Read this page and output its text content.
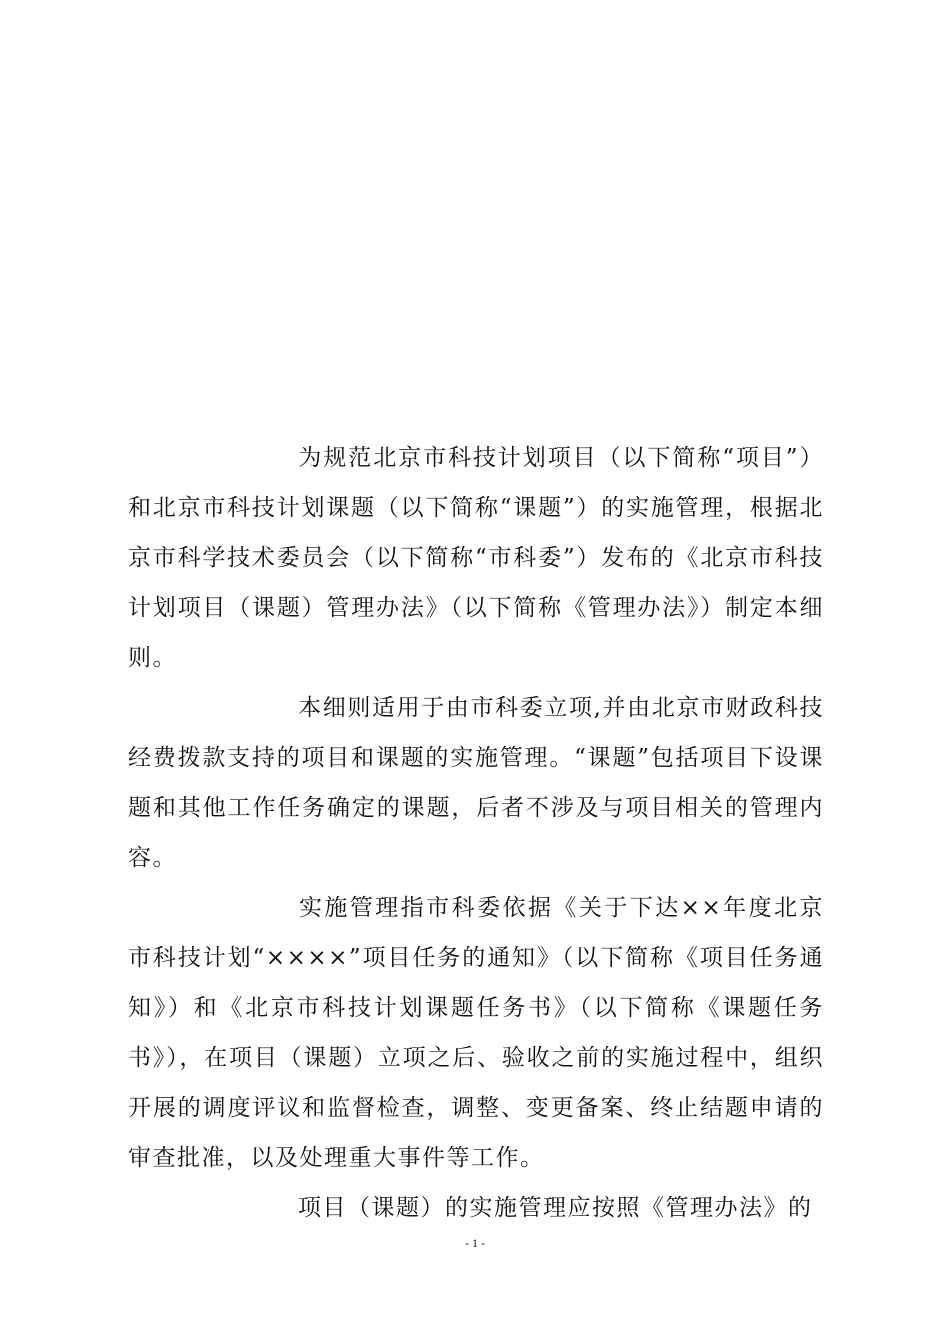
为规范北京市科技计划项目（以下简称“项目”）和北京市科技计划课题（以下简称“课题”）的实施管理，根据北京市科学技术委员会（以下简称“市科委”）发布的《北京市科技计划项目（课题）管理办法》（以下简称《管理办法》）制定本细则。
本细则适用于由市科委立项,并由北京市财政科技经费拨款支持的项目和课题的实施管理。“课题”包括项目下设课题和其他工作任务确定的课题，后者不涉及与项目相关的管理内容。
实施管理指市科委依据《关于下达××年度北京市科技计划“××××”项目任务的通知》（以下简称《项目任务通知》）和《北京市科技计划课题任务书》（以下简称《课题任务书》），在项目（课题）立项之后、验收之前的实施过程中，组织开展的调度评议和监督检查，调整、变更备案、终止结题申请的审查批准，以及处理重大事件等工作。
项目（课题）的实施管理应按照《管理办法》的
- 1 -
